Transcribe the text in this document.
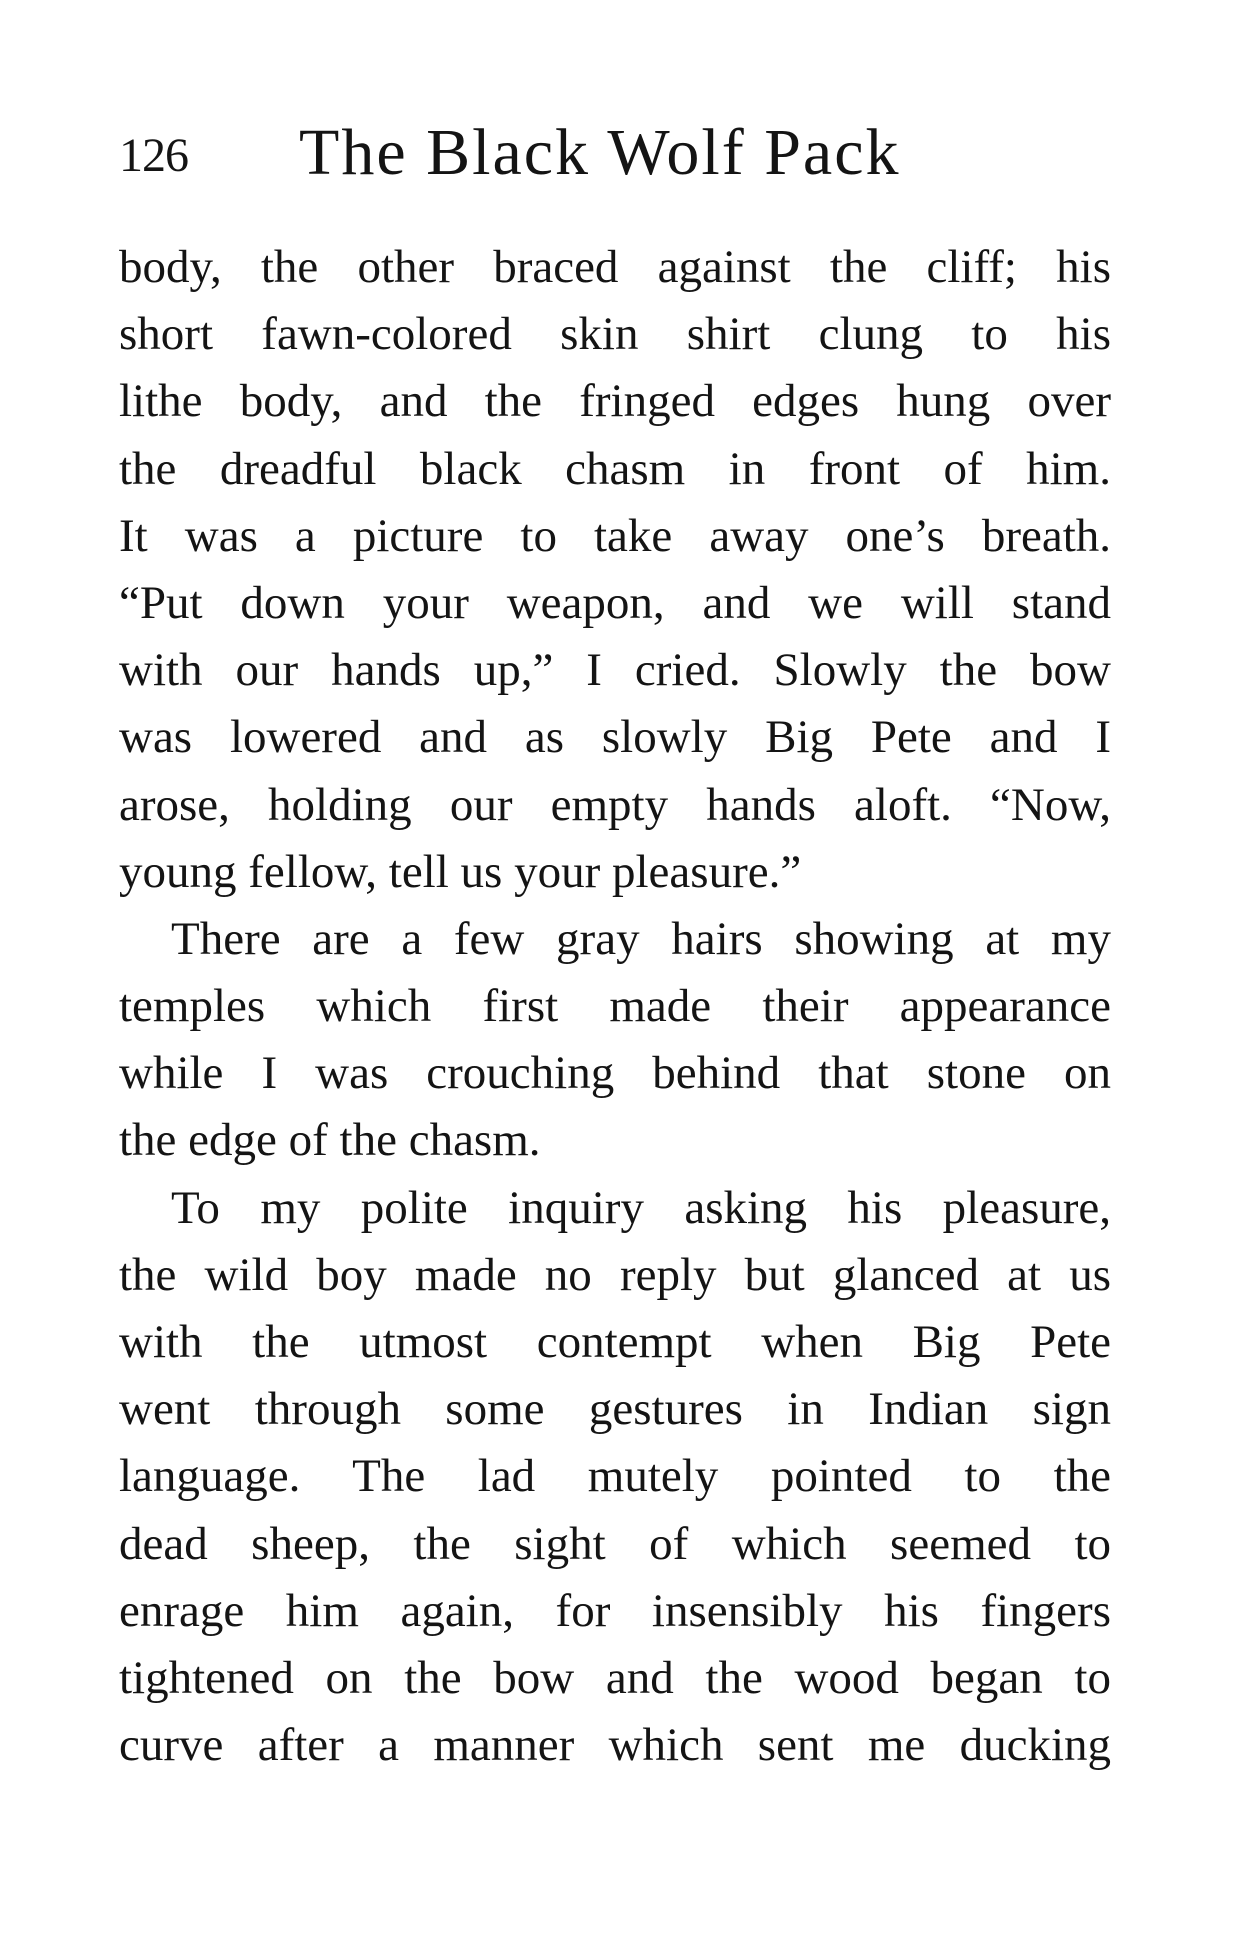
126 The Black Wolf Pack
body, the other braced against the cliff; his
short fawn-colored skin shirt clung to his
lithe body, and the fringed edges hung over
the dreadful black chasm in front of him.
It was a picture to take away one’s breath.
“Put down your weapon, and we will stand
with our hands up,” I cried. Slowly the bow
was lowered and as slowly Big Pete and I
arose, holding our empty hands aloft. “Now,
young fellow, tell us your pleasure.”
There are a few gray hairs showing at my
temples which first made their appearance
while I was crouching behind that stone on
the edge of the chasm.
To my polite inquiry asking his pleasure,
the wild boy made no reply but glanced at us
with the utmost contempt when Big Pete
went through some gestures in Indian sign
language. The lad mutely pointed to the
dead sheep, the sight of which seemed to
enrage him again, for insensibly his fingers
tightened on the bow and the wood began to
curve after a manner which sent me ducking
